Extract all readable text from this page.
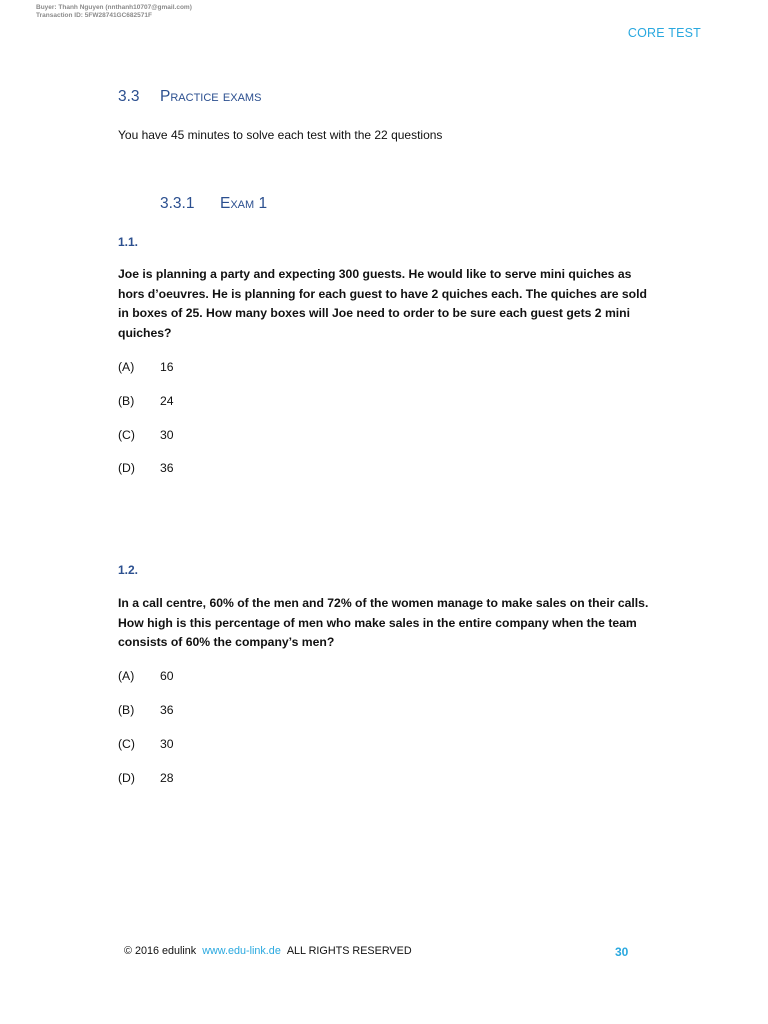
Buyer: Thanh Nguyen (nnthanh10707@gmail.com)
Transaction ID: 5FW28741GC682571F
CORE TEST
3.3 Practice exams
You have 45 minutes to solve each test with the 22 questions
3.3.1 Exam 1
1.1.
Joe is planning a party and expecting 300 guests. He would like to serve mini quiches as hors d’oeuvres. He is planning for each guest to have 2 quiches each. The quiches are sold in boxes of 25. How many boxes will Joe need to order to be sure each guest gets 2 mini quiches?
(A) 16
(B) 24
(C) 30
(D) 36
1.2.
In a call centre, 60% of the men and 72% of the women manage to make sales on their calls. How high is this percentage of men who make sales in the entire company when the team consists of 60% the company’s men?
(A) 60
(B) 36
(C) 30
(D) 28
© 2016 edulink www.edu-link.de ALL RIGHTS RESERVED	30
